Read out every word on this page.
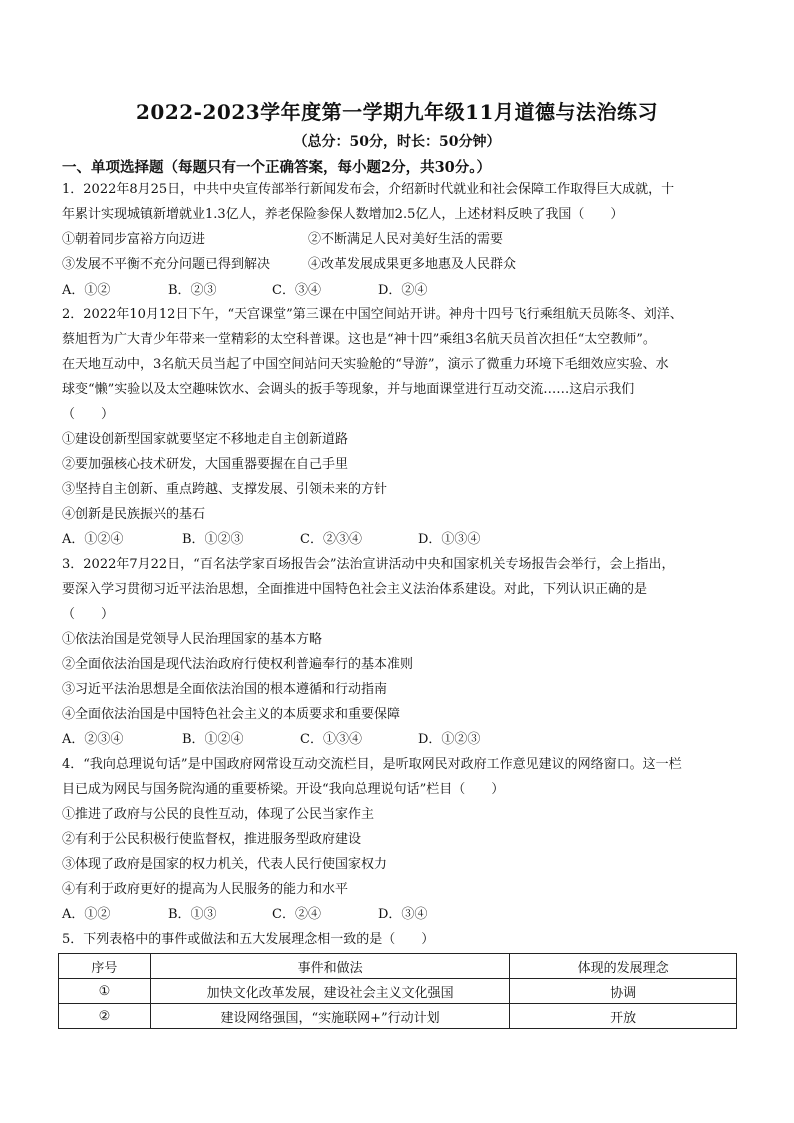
2022-2023学年度第一学期九年级11月道德与法治练习
（总分：50分，时长：50分钟）
一、单项选择题（每题只有一个正确答案，每小题2分，共30分。）
1．2022年8月25日，中共中央宣传部举行新闻发布会，介绍新时代就业和社会保障工作取得巨大成就，十
年累计实现城镇新增就业1.3亿人，养老保险参保人数增加2.5亿人，上述材料反映了我国（　　）
①朝着同步富裕方向迈进	②不断满足人民对美好生活的需要
③发展不平衡不充分问题已得到解决	④改革发展成果更多地惠及人民群众
A．①②	B．②③	C．③④	D．②④
2．2022年10月12日下午，“天宫课堂”第三课在中国空间站开讲。神舟十四号飞行乘组航天员陈冬、刘洋、
蔡旭哲为广大青少年带来一堂精彩的太空科普课。这也是“神十四”乘组3名航天员首次担任“太空教师”。
在天地互动中，3名航天员当起了中国空间站问天实验舱的“导游”，演示了微重力环境下毛细效应实验、水
球变“懒”实验以及太空趣味饮水、会调头的扳手等现象，并与地面课堂进行互动交流……这启示我们
（　　）
①建设创新型国家就要坚定不移地走自主创新道路
②要加强核心技术研发，大国重器要握在自己手里
③坚持自主创新、重点跨越、支撑发展、引领未来的方针
④创新是民族振兴的基石
A．①②④	B．①②③	C．②③④	D．①③④
3．2022年7月22日，“百名法学家百场报告会”法治宣讲活动中央和国家机关专场报告会举行，会上指出，
要深入学习贯彻习近平法治思想，全面推进中国特色社会主义法治体系建设。对此，下列认识正确的是
（　　）
①依法治国是党领导人民治理国家的基本方略
②全面依法治国是现代法治政府行使权利普遍奉行的基本准则
③习近平法治思想是全面依法治国的根本遵循和行动指南
④全面依法治国是中国特色社会主义的本质要求和重要保障
A．②③④	B．①②④	C．①③④	D．①②③
4．“我向总理说句话”是中国政府网常设互动交流栏目，是听取网民对政府工作意见建议的网络窗口。这一栏
目已成为网民与国务院沟通的重要桥梁。开设“我向总理说句话”栏目（　　）
①推进了政府与公民的良性互动，体现了公民当家作主
②有利于公民积极行使监督权，推进服务型政府建设
③体现了政府是国家的权力机关，代表人民行使国家权力
④有利于政府更好的提高为人民服务的能力和水平
A．①②	B．①③	C．②④	D．③④
5．下列表格中的事件或做法和五大发展理念相一致的是（　　）
序号	事件和做法	体现的发展理念
①	加快文化改革发展，建设社会主义文化强国	协调
②	建设网络强国，“实施联网+”行动计划	开放
